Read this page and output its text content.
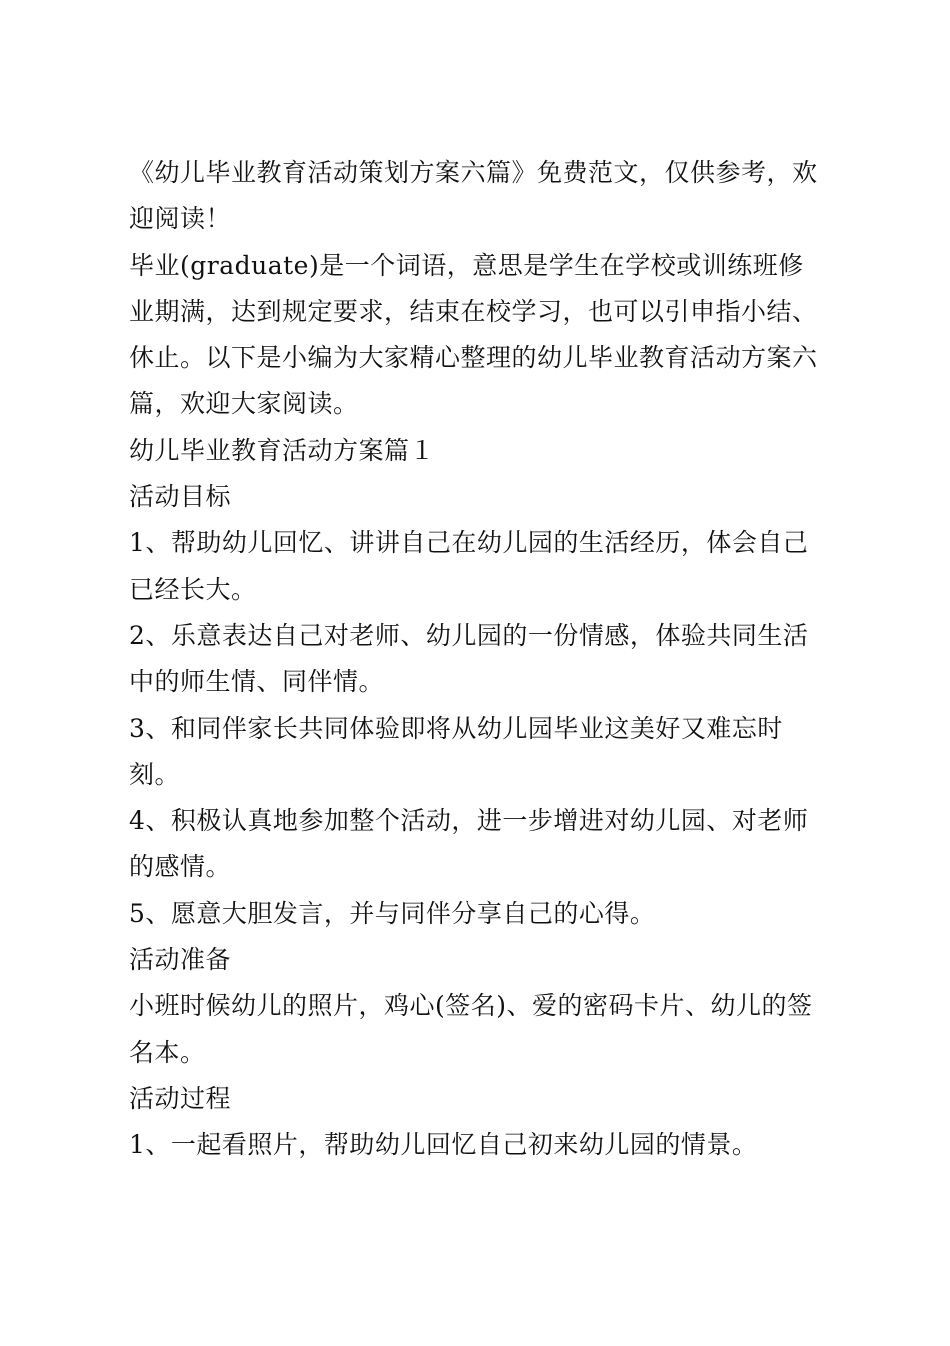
《幼儿毕业教育活动策划方案六篇》免费范文，仅供参考，欢迎阅读！

毕业(graduate)是一个词语，意思是学生在学校或训练班修业期满，达到规定要求，结束在校学习，也可以引申指小结、休止。以下是小编为大家精心整理的幼儿毕业教育活动方案六篇，欢迎大家阅读。

幼儿毕业教育活动方案篇１

活动目标

1、帮助幼儿回忆、讲讲自己在幼儿园的生活经历，体会自己已经长大。

2、乐意表达自己对老师、幼儿园的一份情感，体验共同生活中的师生情、同伴情。

3、和同伴家长共同体验即将从幼儿园毕业这美好又难忘时刻。

4、积极认真地参加整个活动，进一步增进对幼儿园、对老师的感情。

5、愿意大胆发言，并与同伴分享自己的心得。

活动准备

小班时候幼儿的照片，鸡心(签名)、爱的密码卡片、幼儿的签名本。

活动过程

1、一起看照片，帮助幼儿回忆自己初来幼儿园的情景。
